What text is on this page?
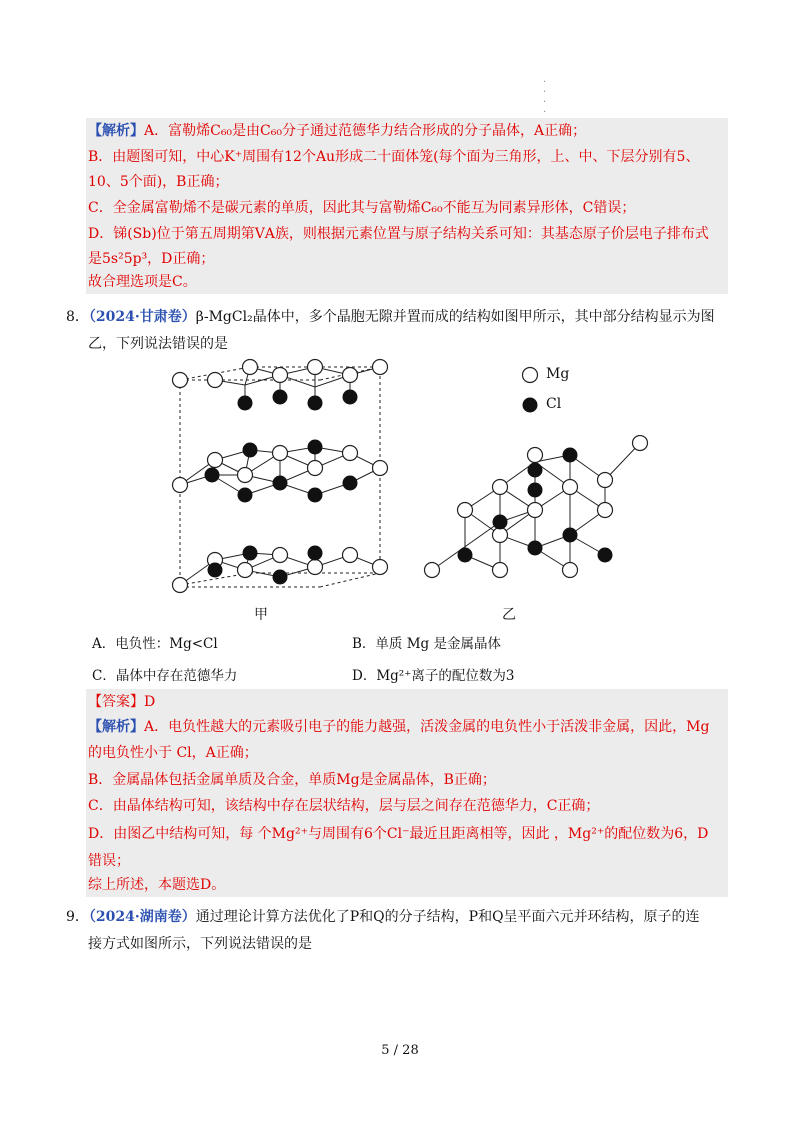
·
·
·
·
【解析】A．富勒烯C₆₀是由C₆₀分子通过范德华力结合形成的分子晶体，A正确；
B．由题图可知，中心K⁺周围有12个Au形成二十面体笼(每个面为三角形，上、中、下层分别有5、
10、5个面)，B正确；
C．全金属富勒烯不是碳元素的单质，因此其与富勒烯C₆₀不能互为同素异形体，C错误；
D．锑(Sb)位于第五周期第ⅤA族，则根据元素位置与原子结构关系可知：其基态原子价层电子排布式
是5s²5p³，D正确；
故合理选项是C。
8．（2024·甘肃卷）β-MgCl₂晶体中，多个晶胞无隙并置而成的结构如图甲所示，其中部分结构显示为图
乙，下列说法错误的是
甲	乙
Mg
Cl
A．电负性：Mg<Cl	B．单质 Mg 是金属晶体
C．晶体中存在范德华力	D．Mg²⁺离子的配位数为3
【答案】D
【解析】A．电负性越大的元素吸引电子的能力越强，活泼金属的电负性小于活泼非金属，因此，Mg
的电负性小于 Cl，A正确；
B．金属晶体包括金属单质及合金，单质Mg是金属晶体，B正确；
C．由晶体结构可知，该结构中存在层状结构，层与层之间存在范德华力，C正确；
D．由图乙中结构可知，每 个Mg²⁺与周围有6个Cl⁻最近且距离相等，因此 ，Mg²⁺的配位数为6，D
错误；
综上所述，本题选D。
9．（2024·湖南卷）通过理论计算方法优化了P和Q的分子结构，P和Q呈平面六元并环结构，原子的连
接方式如图所示，下列说法错误的是
5 / 28
